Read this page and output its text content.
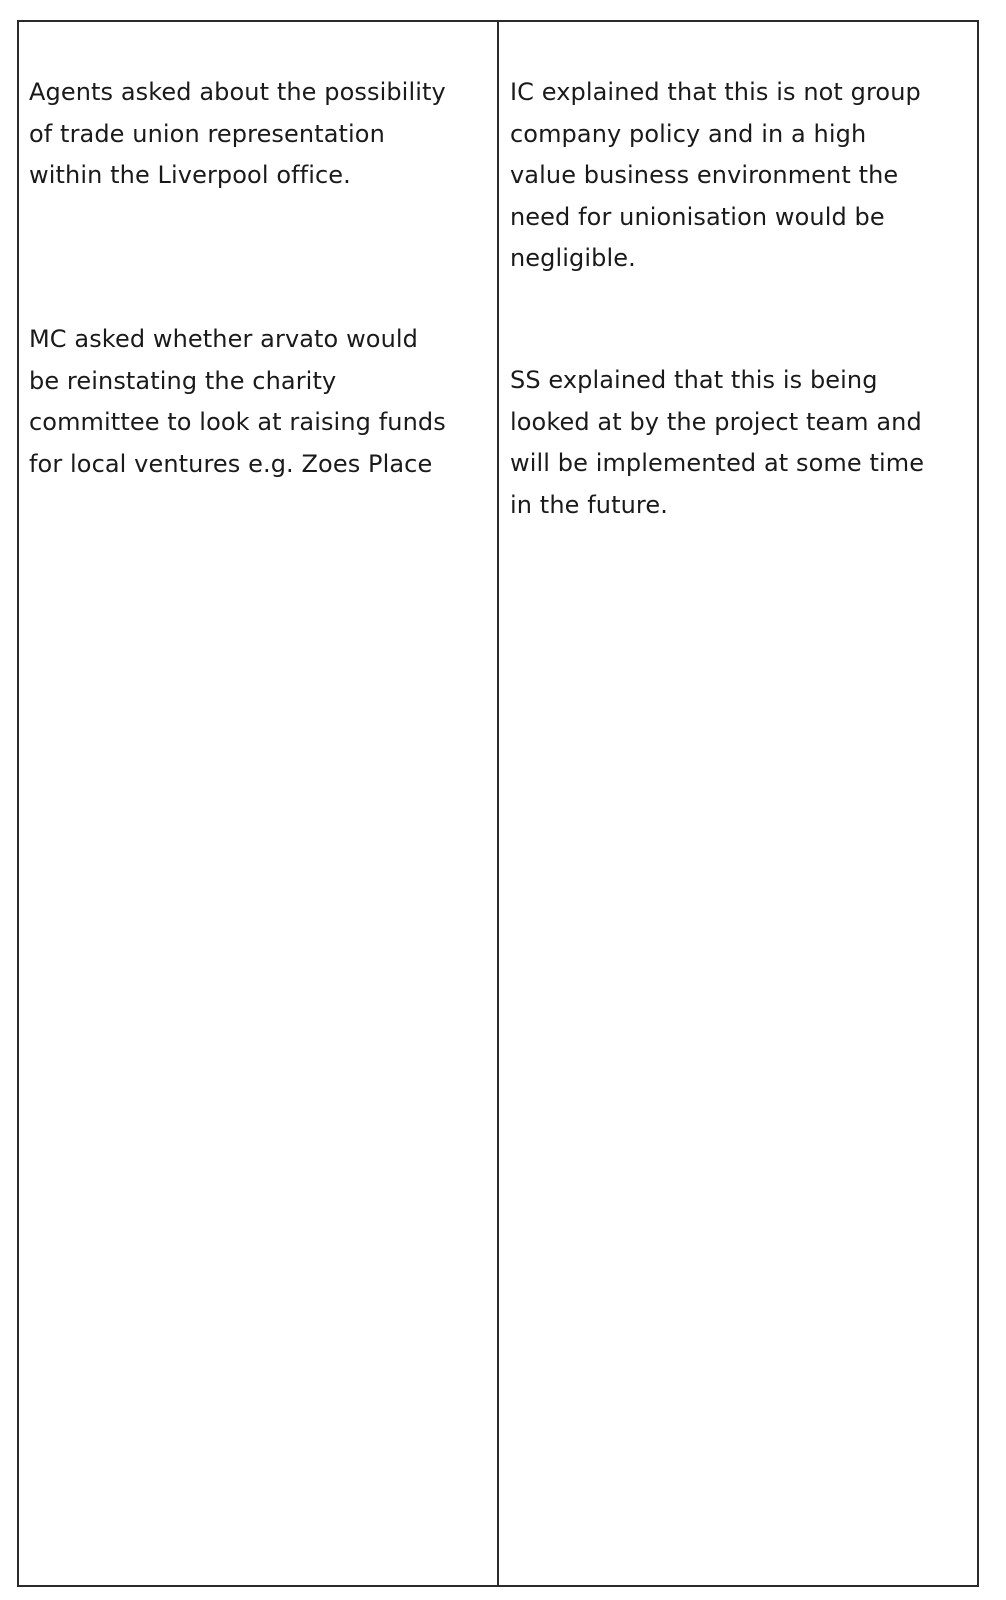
Agents asked about the possibility
of trade union representation
within the Liverpool office.

IC explained that this is not group
company policy and in a high
value business environment the
need for unionisation would be
negligible.

MC asked whether arvato would
be reinstating the charity
committee to look at raising funds
for local ventures e.g. Zoes Place

SS explained that this is being
looked at by the project team and
will be implemented at some time
in the future.
